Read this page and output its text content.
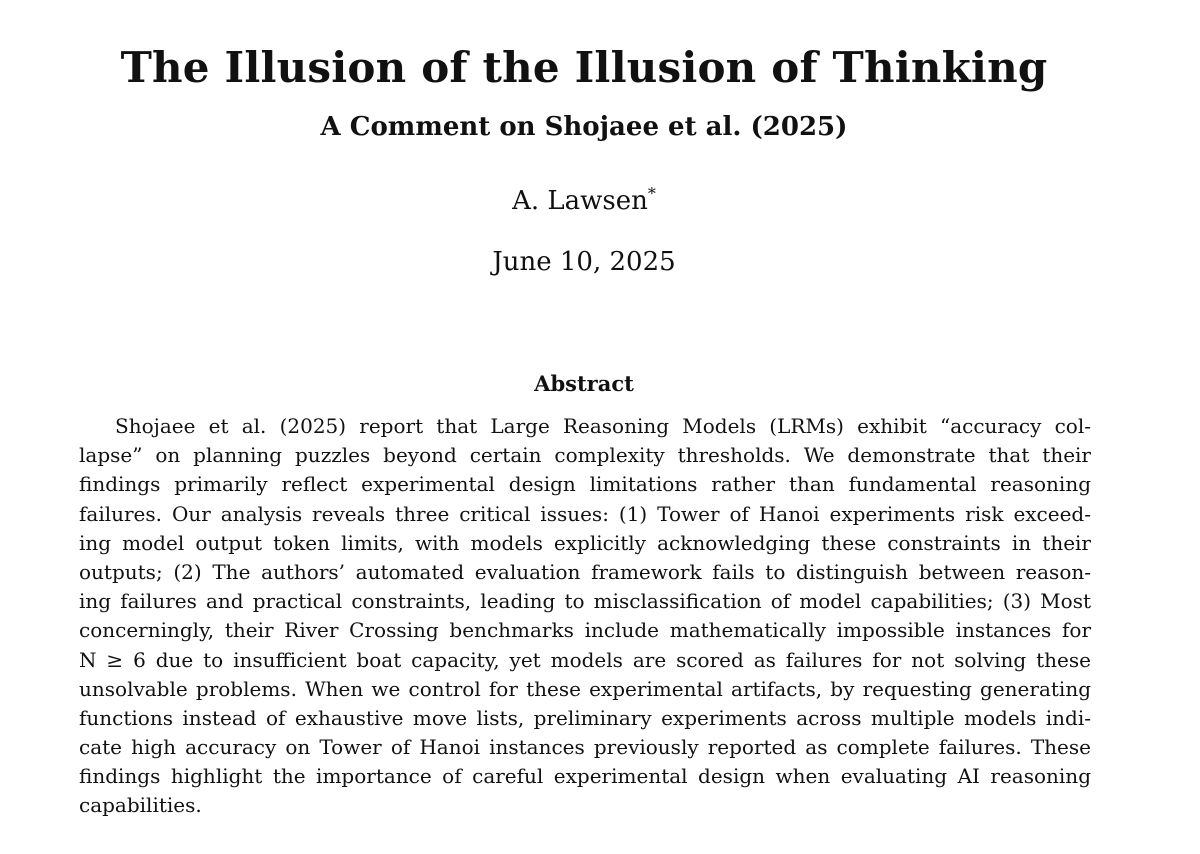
The Illusion of the Illusion of Thinking
A Comment on Shojaee et al. (2025)
A. Lawsen*
June 10, 2025
Abstract
Shojaee et al. (2025) report that Large Reasoning Models (LRMs) exhibit “accuracy col-
lapse” on planning puzzles beyond certain complexity thresholds. We demonstrate that their
findings primarily reflect experimental design limitations rather than fundamental reasoning
failures. Our analysis reveals three critical issues: (1) Tower of Hanoi experiments risk exceed-
ing model output token limits, with models explicitly acknowledging these constraints in their
outputs; (2) The authors’ automated evaluation framework fails to distinguish between reason-
ing failures and practical constraints, leading to misclassification of model capabilities; (3) Most
concerningly, their River Crossing benchmarks include mathematically impossible instances for
N ≥ 6 due to insufficient boat capacity, yet models are scored as failures for not solving these
unsolvable problems. When we control for these experimental artifacts, by requesting generating
functions instead of exhaustive move lists, preliminary experiments across multiple models indi-
cate high accuracy on Tower of Hanoi instances previously reported as complete failures. These
findings highlight the importance of careful experimental design when evaluating AI reasoning
capabilities.
